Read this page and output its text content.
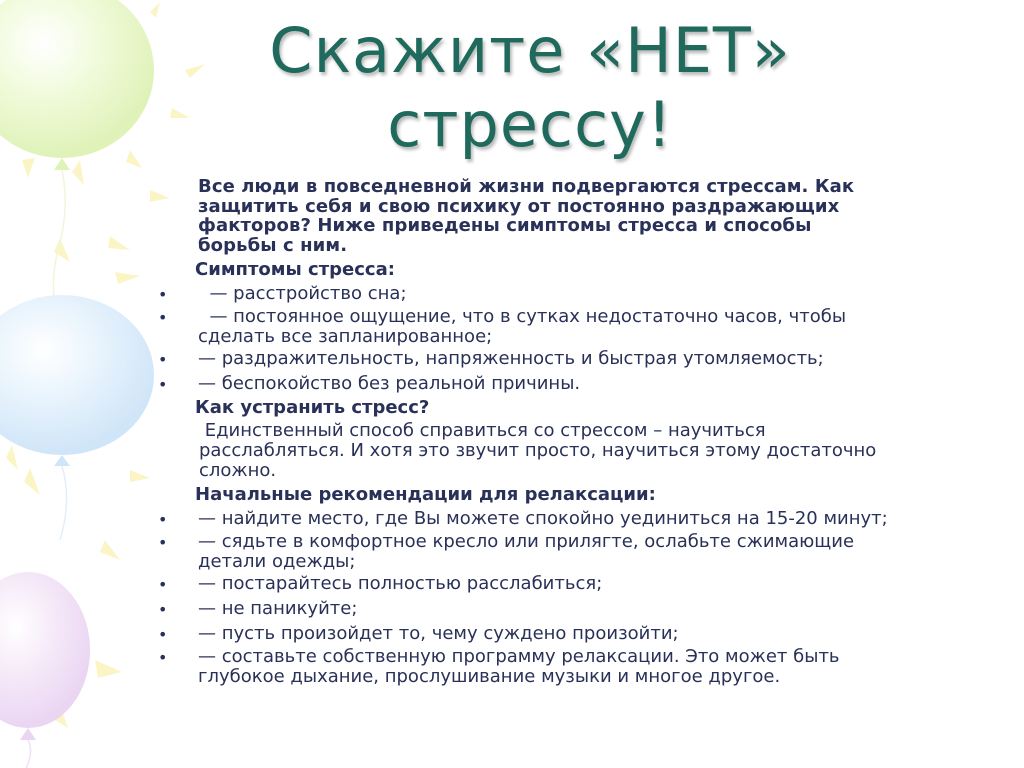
Скажите «НЕТ»
стрессу!
Все люди в повседневной жизни подвергаются стрессам. Как
защитить себя и свою психику от постоянно раздражающих
факторов? Ниже приведены симптомы стресса и способы
борьбы с ним.
Симптомы стресса:
• — расстройство сна;
• — постоянное ощущение, что в сутках недостаточно часов, чтобы
сделать все запланированное;
• — раздражительность, напряженность и быстрая утомляемость;
• — беспокойство без реальной причины.
Как устранить стресс?
Единственный способ справиться со стрессом – научиться
расслабляться. И хотя это звучит просто, научиться этому достаточно
сложно.
Начальные рекомендации для релаксации:
• — найдите место, где Вы можете спокойно уединиться на 15-20 минут;
• — сядьте в комфортное кресло или прилягте, ослабьте сжимающие
детали одежды;
• — постарайтесь полностью расслабиться;
• — не паникуйте;
• — пусть произойдет то, чему суждено произойти;
• — составьте собственную программу релаксации. Это может быть
глубокое дыхание, прослушивание музыки и многое другое.
